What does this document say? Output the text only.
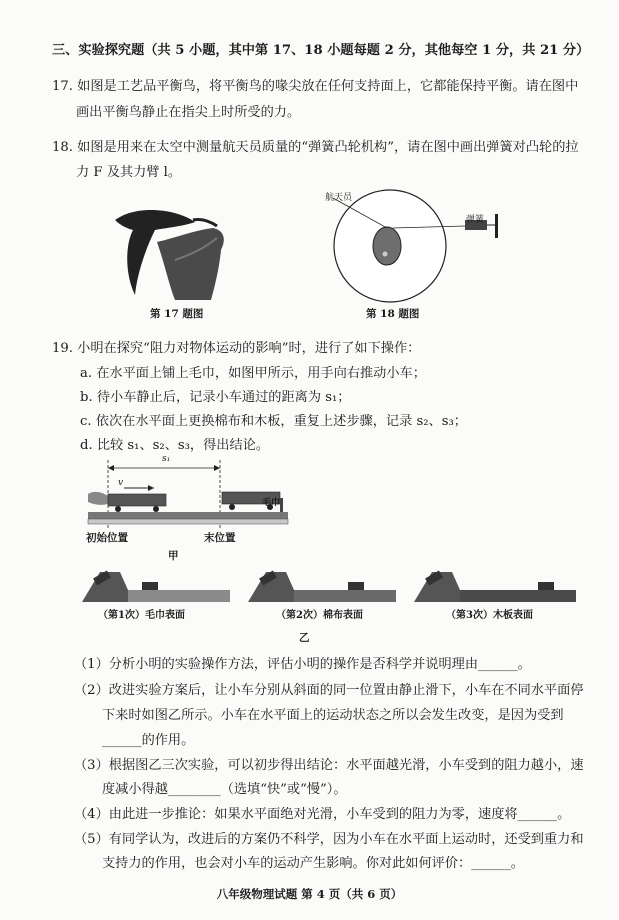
三、实验探究题（共 5 小题，其中第 17、18 小题每题 2 分，其他每空 1 分，共 21 分）
17. 如图是工艺品平衡鸟，将平衡鸟的喙尖放在任何支持面上，它都能保持平衡。请在图中
画出平衡鸟静止在指尖上时所受的力。
18. 如图是用来在太空中测量航天员质量的“弹簧凸轮机构”，请在图中画出弹簧对凸轮的拉
力 F 及其力臂 l。
第 17 题图
航天员
弹簧
第 18 题图
19. 小明在探究“阻力对物体运动的影响”时，进行了如下操作：
a. 在水平面上铺上毛巾，如图甲所示，用手向右推动小车；
b. 待小车静止后，记录小车通过的距离为 s₁；
c. 依次在水平面上更换棉布和木板，重复上述步骤，记录 s₂、s₃；
d. 比较 s₁、s₂、s₃，得出结论。
毛巾
s₁
v
初始位置	末位置
甲
（第1次）毛巾表面	（第2次）棉布表面	（第3次）木板表面
乙
（1）分析小明的实验操作方法，评估小明的操作是否科学并说明理由______。
（2）改进实验方案后，让小车分别从斜面的同一位置由静止滑下，小车在不同水平面停
下来时如图乙所示。小车在水平面上的运动状态之所以会发生改变，是因为受到
______的作用。
（3）根据图乙三次实验，可以初步得出结论：水平面越光滑，小车受到的阻力越小，速
度减小得越________（选填“快”或“慢”）。
（4）由此进一步推论：如果水平面绝对光滑，小车受到的阻力为零，速度将______。
（5）有同学认为，改进后的方案仍不科学，因为小车在水平面上运动时，还受到重力和
支持力的作用，也会对小车的运动产生影响。你对此如何评价：______。
八年级物理试题 第 4 页（共 6 页）
